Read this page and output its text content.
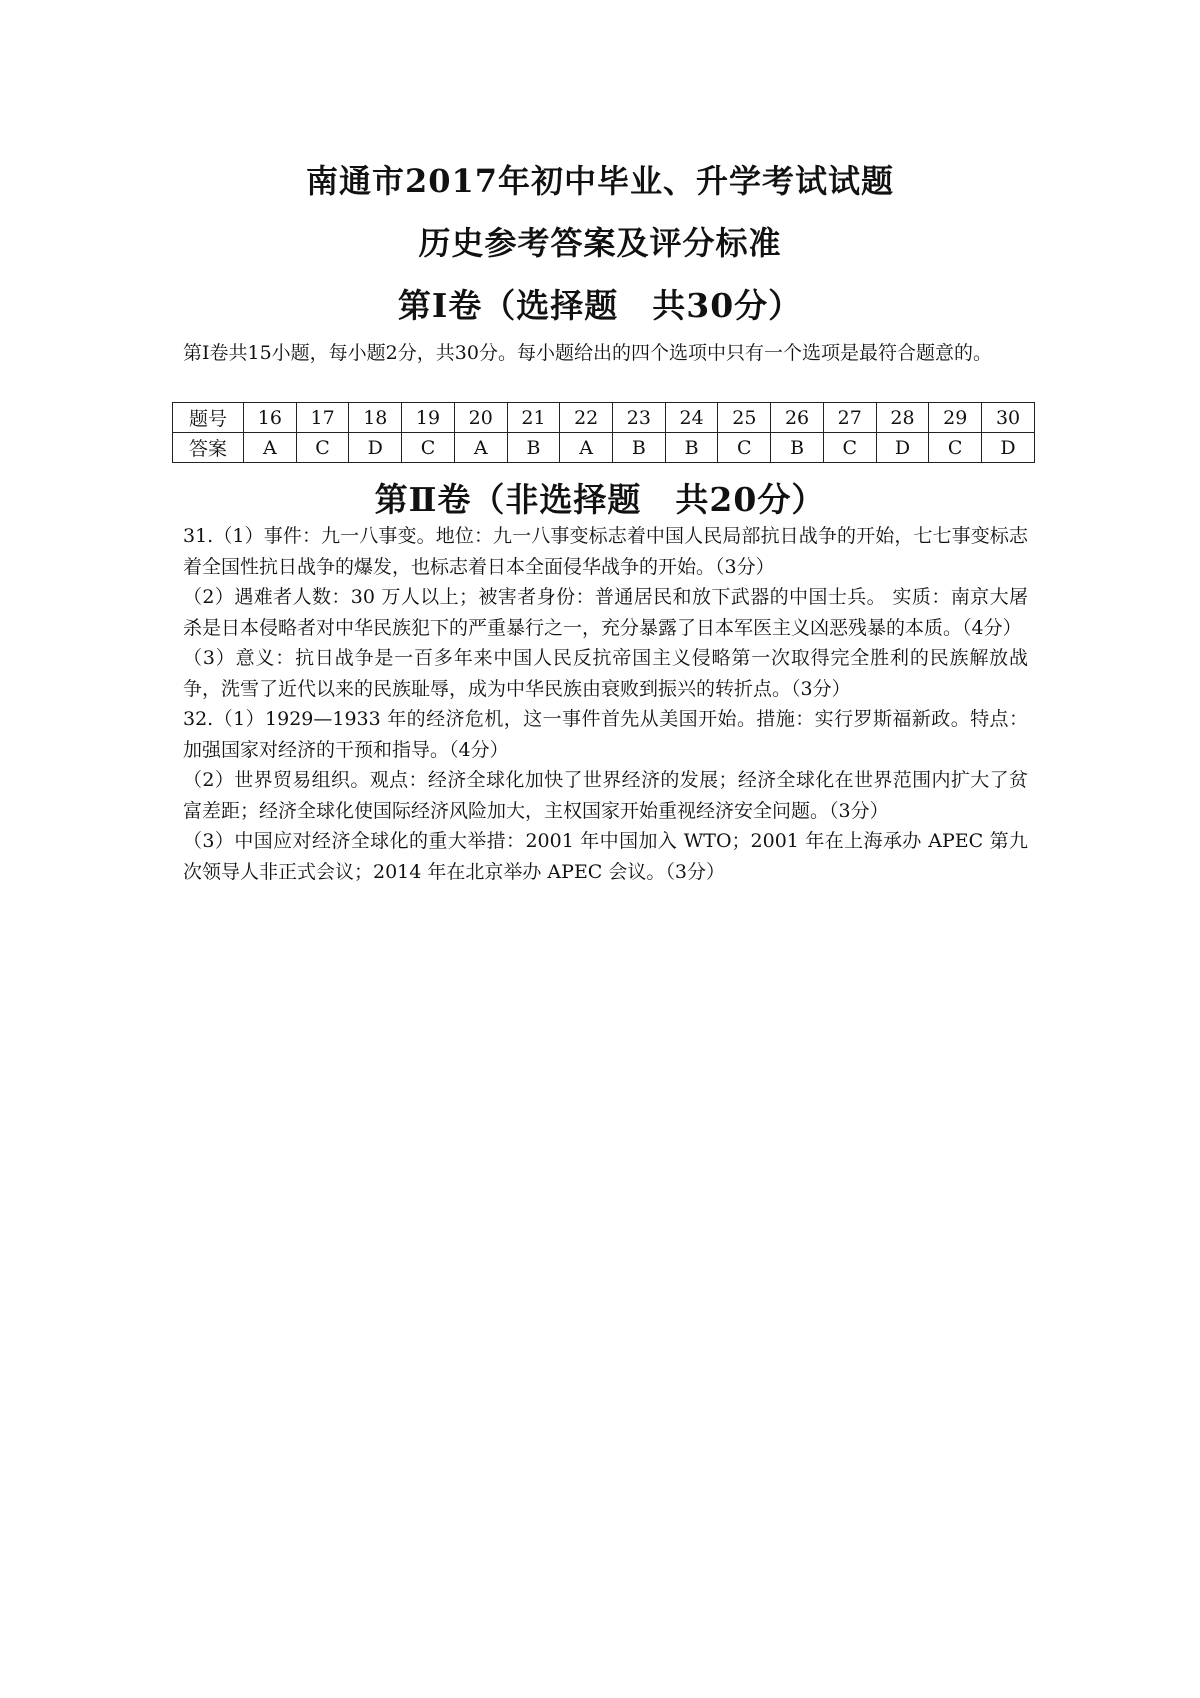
南通市2017年初中毕业、升学考试试题
历史参考答案及评分标准
第Ⅰ卷（选择题　共30分）

第Ⅰ卷共15小题，每小题2分，共30分。每小题给出的四个选项中只有一个选项是最符合题意的。

题号	16	17	18	19	20	21	22	23	24	25	26	27	28	29	30
答案	A	C	D	C	A	B	A	B	B	C	B	C	D	C	D
第Ⅱ卷（非选择题　共20分）

31.（1）事件：九一八事变。地位：九一八事变标志着中国人民局部抗日战争的开始，七七事变标志着全国性抗日战争的爆发，也标志着日本全面侵华战争的开始。（3分）

（2）遇难者人数：30 万人以上；被害者身份：普通居民和放下武器的中国士兵。 实质：南京大屠杀是日本侵略者对中华民族犯下的严重暴行之一，充分暴露了日本军医主义凶恶残暴的本质。（4分）

（3）意义：抗日战争是一百多年来中国人民反抗帝国主义侵略第一次取得完全胜利的民族解放战争，洗雪了近代以来的民族耻辱，成为中华民族由衰败到振兴的转折点。（3分）

32.（1）1929—1933 年的经济危机，这一事件首先从美国开始。措施：实行罗斯福新政。特点：加强国家对经济的干预和指导。（4分）

（2）世界贸易组织。观点：经济全球化加快了世界经济的发展；经济全球化在世界范围内扩大了贫富差距；经济全球化使国际经济风险加大，主权国家开始重视经济安全问题。（3分）

（3）中国应对经济全球化的重大举措：2001 年中国加入 WTO；2001 年在上海承办 APEC 第九次领导人非正式会议；2014 年在北京举办 APEC 会议。（3分）
